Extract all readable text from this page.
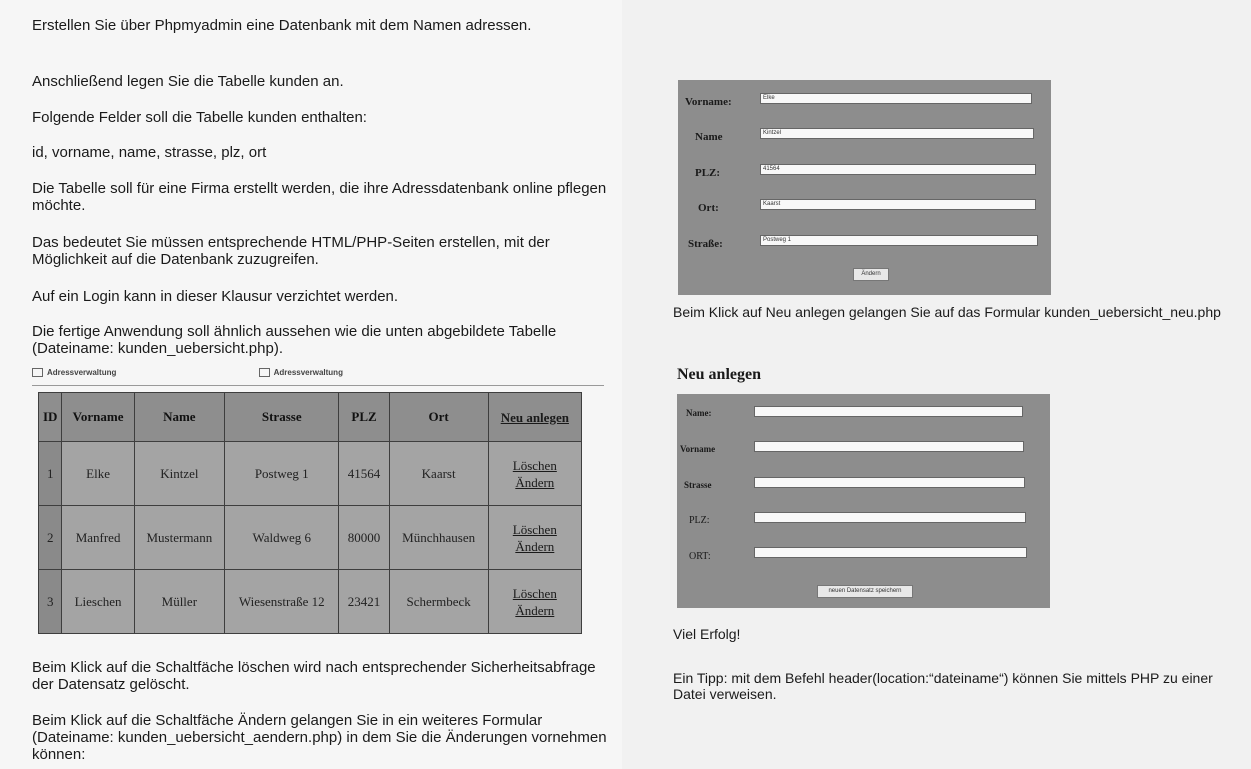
Erstellen Sie über Phpmyadmin eine Datenbank mit dem Namen adressen.

Anschließend legen Sie die Tabelle kunden an.

Folgende Felder soll die Tabelle kunden enthalten:

id, vorname, name, strasse, plz, ort

Die Tabelle soll für eine Firma erstellt werden, die ihre Adressdatenbank online pflegen möchte.

Das bedeutet Sie müssen entsprechende HTML/PHP-Seiten erstellen, mit der Möglichkeit auf die Datenbank zuzugreifen.

Auf ein Login kann in dieser Klausur verzichtet werden.

Die fertige Anwendung soll ähnlich aussehen wie die unten abgebildete Tabelle (Dateiname: kunden_uebersicht.php).

Adressverwaltung	Adressverwaltung
ID	Vorname	Name	Strasse	PLZ	Ort	Neu anlegen

1	Elke	Kintzel	Postweg 1	41564	Kaarst	Löschen
Ändern

2	Manfred	Mustermann	Waldweg 6	80000	Münchhausen	Löschen
Ändern

3	Lieschen	Müller	Wiesenstraße 12	23421	Schermbeck	Löschen
Ändern

Beim Klick auf die Schaltfäche löschen wird nach entsprechender Sicherheitsabfrage der Datensatz gelöscht.

Beim Klick auf die Schaltfäche Ändern gelangen Sie in ein weiteres Formular (Dateiname: kunden_uebersicht_aendern.php) in dem Sie die Änderungen vornehmen können:

Vorname:	Elke
Name	Kintzel
PLZ:	41564
Ort:	Kaarst
Straße:	Postweg 1
Ändern

Beim Klick auf Neu anlegen gelangen Sie auf das Formular kunden_uebersicht_neu.php

Neu anlegen
Name:
Vorname
Strasse
PLZ:
ORT:
neuen Datensatz speichern

Viel Erfolg!

Ein Tipp: mit dem Befehl header(location:“dateiname“) können Sie mittels PHP zu einer Datei verweisen.
